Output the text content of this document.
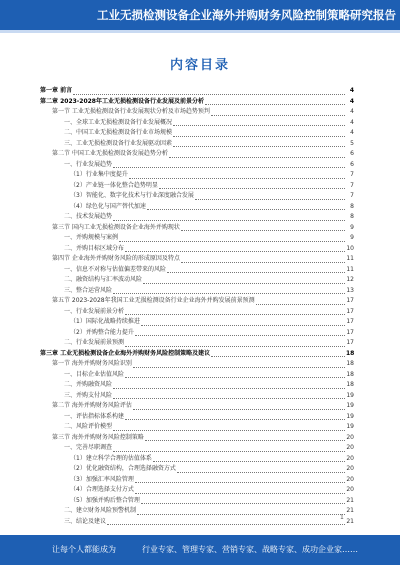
工业无损检测设备企业海外并购财务风险控制策略研究报告
内容目录
第一章 前言	4
第二章 2023-2028年工业无损检测设备行业发展及前景分析	4
第一节 工业无损检测设备行业发展现状分析及市场趋势预判	4
一、全球工业无损检测设备行业发展概况	4
二、中国工业无损检测设备行业市场规模	4
三、工业无损检测设备行业发展驱动因素	5
第二节 中国工业无损检测设备发展趋势分析	6
一、行业发展趋势	6
（1）行业集中度提升	7
（2）产业链一体化整合趋势明显	7
（3）智能化、数字化技术与行业深度融合发展	7
（4）绿色化与国产替代加速	8
二、技术发展趋势	8
第三节 国内工业无损检测设备企业海外并购现状	9
一、并购规模与案例	9
二、并购目标区域分布	10
第四节 企业海外并购财务风险的形成原因及特点	11
一、信息不对称与估值偏差带来的风险	11
二、融资结构与汇率波动风险	12
三、整合运营风险	13
第五节 2023-2028年我国工业无损检测设备行业企业海外并购发展前景预测	17
一、行业发展前景分析	17
（1）国际化战略持续推进	17
（2）并购整合能力提升	17
二、行业发展前景预测	17
第三章 工业无损检测设备企业海外并购财务风险控制策略及建议	18
第一节 海外并购财务风险识别	18
一、目标企业估值风险	18
二、并购融资风险	18
三、并购支付风险	19
第二节 海外并购财务风险评估	19
一、评估指标体系构建	19
二、风险评价模型	19
第三节 海外并购财务风险控制策略	20
一、完善尽职调查	20
（1）建立科学合理的估值体系	20
（2）优化融资结构，合理选择融资方式	20
（3）加强汇率风险管理	20
（4）合理选择支付方式	20
（5）加强并购后整合管理	21
二、建立财务风险预警机制	21
三、结论及建议	21
1
让每个人都能成为	行业专家、管理专家、营销专家、战略专家、成功企业家……
